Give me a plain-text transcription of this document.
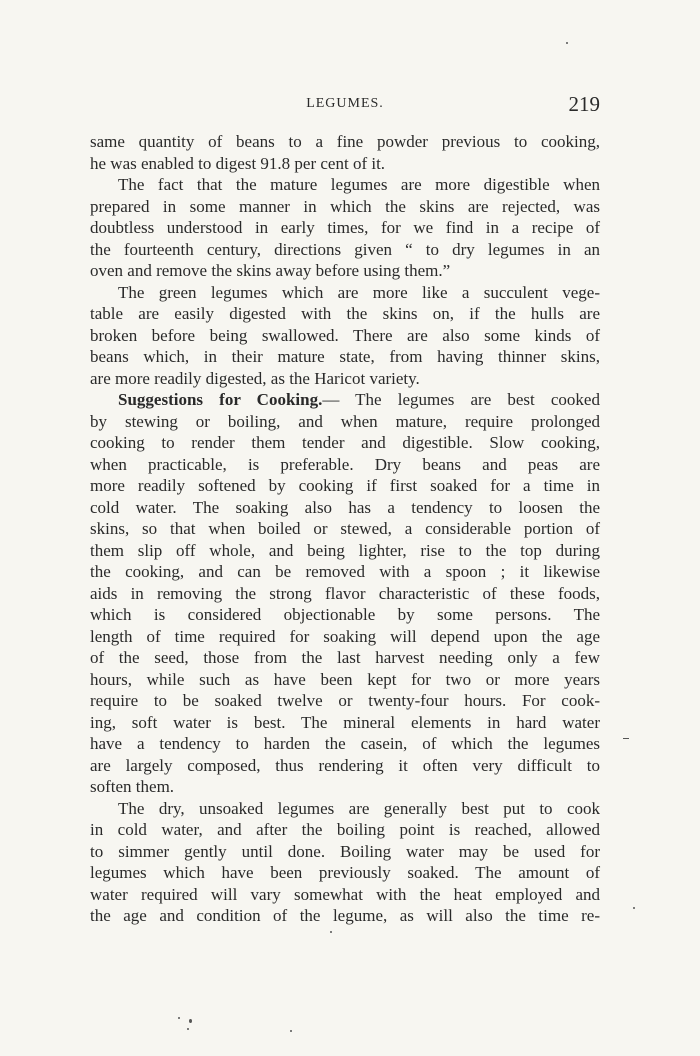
LEGUMES.	219
same quantity of beans to a fine powder previous to cooking,
he was enabled to digest 91.8 per cent of it.
The fact that the mature legumes are more digestible when
prepared in some manner in which the skins are rejected, was
doubtless understood in early times, for we find in a recipe of
the fourteenth century, directions given “ to dry legumes in an
oven and remove the skins away before using them.”
The green legumes which are more like a succulent vege-
table are easily digested with the skins on, if the hulls are
broken before being swallowed. There are also some kinds of
beans which, in their mature state, from having thinner skins,
are more readily digested, as the Haricot variety.
Suggestions for Cooking.— The legumes are best cooked
by stewing or boiling, and when mature, require prolonged
cooking to render them tender and digestible. Slow cooking,
when practicable, is preferable. Dry beans and peas are
more readily softened by cooking if first soaked for a time in
cold water. The soaking also has a tendency to loosen the
skins, so that when boiled or stewed, a considerable portion of
them slip off whole, and being lighter, rise to the top during
the cooking, and can be removed with a spoon ; it likewise
aids in removing the strong flavor characteristic of these foods,
which is considered objectionable by some persons. The
length of time required for soaking will depend upon the age
of the seed, those from the last harvest needing only a few
hours, while such as have been kept for two or more years
require to be soaked twelve or twenty-four hours. For cook-
ing, soft water is best. The mineral elements in hard water
have a tendency to harden the casein, of which the legumes
are largely composed, thus rendering it often very difficult to
soften them.
The dry, unsoaked legumes are generally best put to cook
in cold water, and after the boiling point is reached, allowed
to simmer gently until done. Boiling water may be used for
legumes which have been previously soaked. The amount of
water required will vary somewhat with the heat employed and
the age and condition of the legume, as will also the time re-
